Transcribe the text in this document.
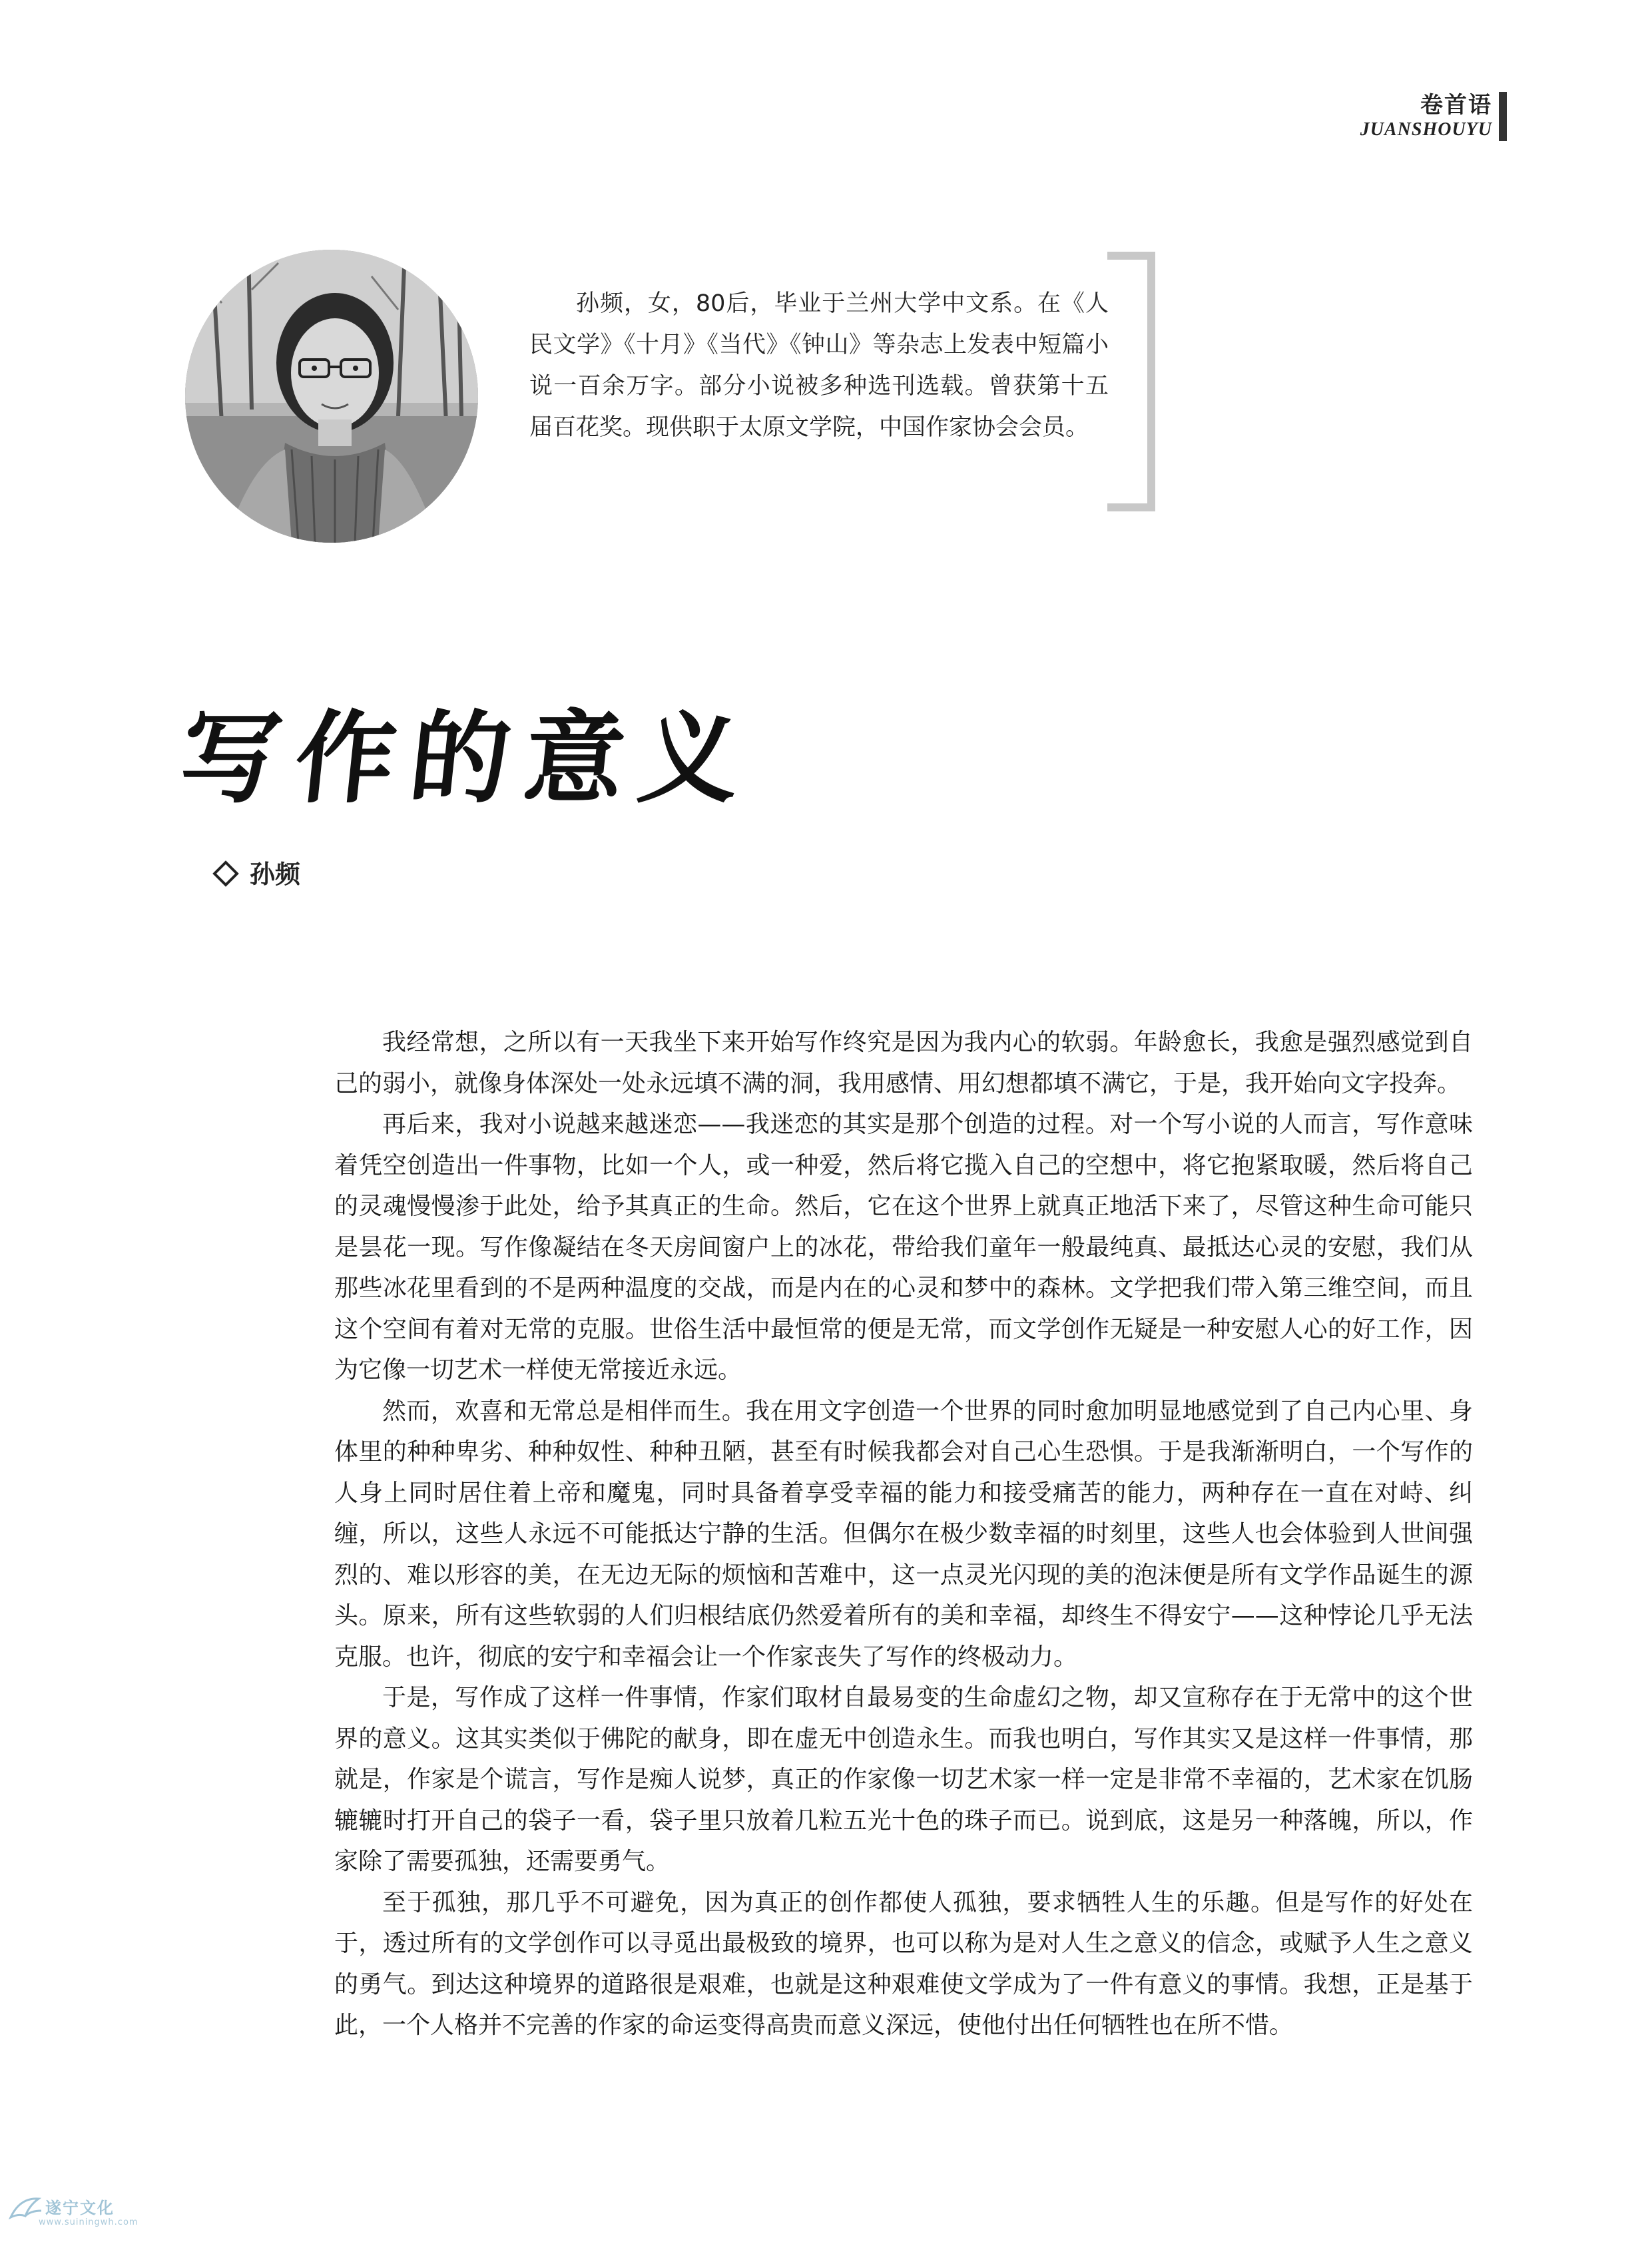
卷首语
JUANSHOUYU
孙频，女，80后，毕业于兰州大学中文系。在《人民文学》《十月》《当代》《钟山》等杂志上发表中短篇小说一百余万字。部分小说被多种选刊选载。曾获第十五届百花奖。现供职于太原文学院，中国作家协会会员。
写作的意义
孙频

我经常想，之所以有一天我坐下来开始写作终究是因为我内心的软弱。年龄愈长，我愈是强烈感觉到自己的弱小，就像身体深处一处永远填不满的洞，我用感情、用幻想都填不满它，于是，我开始向文字投奔。

再后来，我对小说越来越迷恋——我迷恋的其实是那个创造的过程。对一个写小说的人而言，写作意味着凭空创造出一件事物，比如一个人，或一种爱，然后将它揽入自己的空想中，将它抱紧取暖，然后将自己的灵魂慢慢渗于此处，给予其真正的生命。然后，它在这个世界上就真正地活下来了，尽管这种生命可能只是昙花一现。写作像凝结在冬天房间窗户上的冰花，带给我们童年一般最纯真、最抵达心灵的安慰，我们从那些冰花里看到的不是两种温度的交战，而是内在的心灵和梦中的森林。文学把我们带入第三维空间，而且这个空间有着对无常的克服。世俗生活中最恒常的便是无常，而文学创作无疑是一种安慰人心的好工作，因为它像一切艺术一样使无常接近永远。

然而，欢喜和无常总是相伴而生。我在用文字创造一个世界的同时愈加明显地感觉到了自己内心里、身体里的种种卑劣、种种奴性、种种丑陋，甚至有时候我都会对自己心生恐惧。于是我渐渐明白，一个写作的人身上同时居住着上帝和魔鬼，同时具备着享受幸福的能力和接受痛苦的能力，两种存在一直在对峙、纠缠，所以，这些人永远不可能抵达宁静的生活。但偶尔在极少数幸福的时刻里，这些人也会体验到人世间强烈的、难以形容的美，在无边无际的烦恼和苦难中，这一点灵光闪现的美的泡沫便是所有文学作品诞生的源头。原来，所有这些软弱的人们归根结底仍然爱着所有的美和幸福，却终生不得安宁——这种悖论几乎无法克服。也许，彻底的安宁和幸福会让一个作家丧失了写作的终极动力。

于是，写作成了这样一件事情，作家们取材自最易变的生命虚幻之物，却又宣称存在于无常中的这个世界的意义。这其实类似于佛陀的献身，即在虚无中创造永生。而我也明白，写作其实又是这样一件事情，那就是，作家是个谎言，写作是痴人说梦，真正的作家像一切艺术家一样一定是非常不幸福的，艺术家在饥肠辘辘时打开自己的袋子一看，袋子里只放着几粒五光十色的珠子而已。说到底，这是另一种落魄，所以，作家除了需要孤独，还需要勇气。

至于孤独，那几乎不可避免，因为真正的创作都使人孤独，要求牺牲人生的乐趣。但是写作的好处在于，透过所有的文学创作可以寻觅出最极致的境界，也可以称为是对人生之意义的信念，或赋予人生之意义的勇气。到达这种境界的道路很是艰难，也就是这种艰难使文学成为了一件有意义的事情。我想，正是基于此，一个人格并不完善的作家的命运变得高贵而意义深远，使他付出任何牺牲也在所不惜。

遂宁文化
www.suiningwh.com
